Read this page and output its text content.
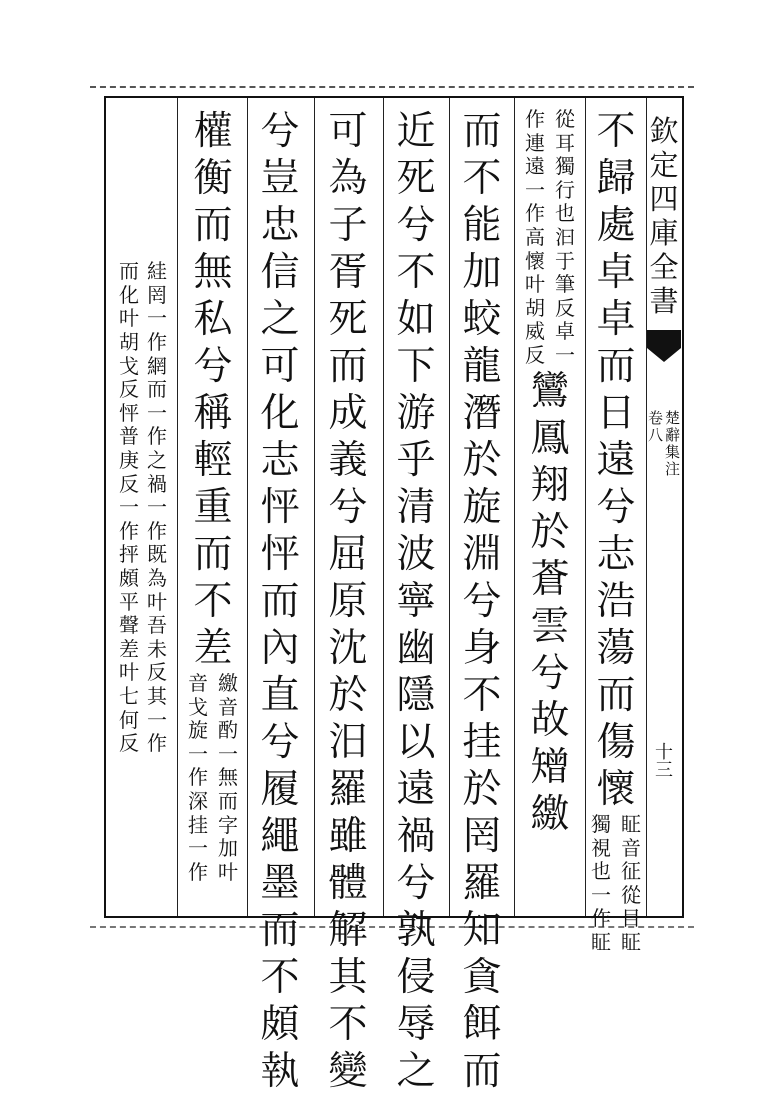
欽
定
四
庫
全
書
卷
八
楚
辭
集
注
十
三
不
歸
處
卓
卓
而
日
遠
兮
志
浩
蕩
而
傷
懷
獨
視
也
一
作
眐
眐
音
征
從
目
眐
作
連
遠
一
作
高
懷
叶
胡
威
反
從
耳
獨
行
也
汩
于
筆
反
卓
一
鸞
鳳
翔
於
蒼
雲
兮
故
矰
繳
而
不
能
加
蛟
龍
潛
於
旋
淵
兮
身
不
挂
於
罔
羅
知
貪
餌
而
近
死
兮
不
如
下
游
乎
清
波
寧
幽
隱
以
遠
禍
兮
孰
侵
辱
之
可
為
子
胥
死
而
成
義
兮
屈
原
沈
於
汨
羅
雖
體
解
其
不
變
兮
豈
忠
信
之
可
化
志
怦
怦
而
內
直
兮
履
繩
墨
而
不
頗
執
權
衡
而
無
私
兮
稱
輕
重
而
不
差
音
戈
旋
一
作
深
挂
一
作
繳
音
酌
一
無
而
字
加
叶
而
化
叶
胡
戈
反
怦
普
庚
反
一
作
抨
頗
平
聲
差
叶
七
何
反
絓
罔
一
作
網
而
一
作
之
禍
一
作
既
為
叶
吾
未
反
其
一
作
